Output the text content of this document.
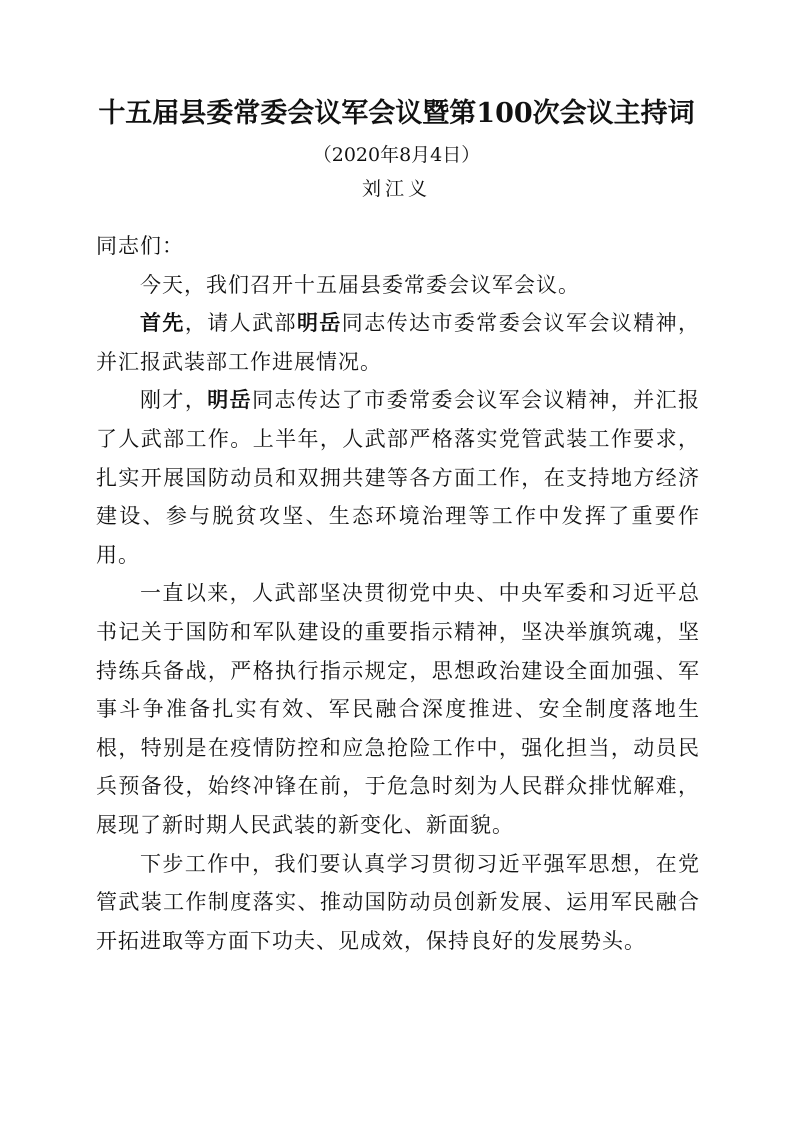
十五届县委常委会议军会议暨第100次会议主持词
（2020年8月4日）
刘江义

同志们：

今天，我们召开十五届县委常委会议军会议。

首先，请人武部明岳同志传达市委常委会议军会议精神，并汇报武装部工作进展情况。

刚才，明岳同志传达了市委常委会议军会议精神，并汇报了人武部工作。上半年，人武部严格落实党管武装工作要求，扎实开展国防动员和双拥共建等各方面工作，在支持地方经济建设、参与脱贫攻坚、生态环境治理等工作中发挥了重要作用。

一直以来，人武部坚决贯彻党中央、中央军委和习近平总书记关于国防和军队建设的重要指示精神，坚决举旗筑魂，坚持练兵备战，严格执行指示规定，思想政治建设全面加强、军事斗争准备扎实有效、军民融合深度推进、安全制度落地生根，特别是在疫情防控和应急抢险工作中，强化担当，动员民兵预备役，始终冲锋在前，于危急时刻为人民群众排忧解难，展现了新时期人民武装的新变化、新面貌。

下步工作中，我们要认真学习贯彻习近平强军思想，在党管武装工作制度落实、推动国防动员创新发展、运用军民融合开拓进取等方面下功夫、见成效，保持良好的发展势头。
